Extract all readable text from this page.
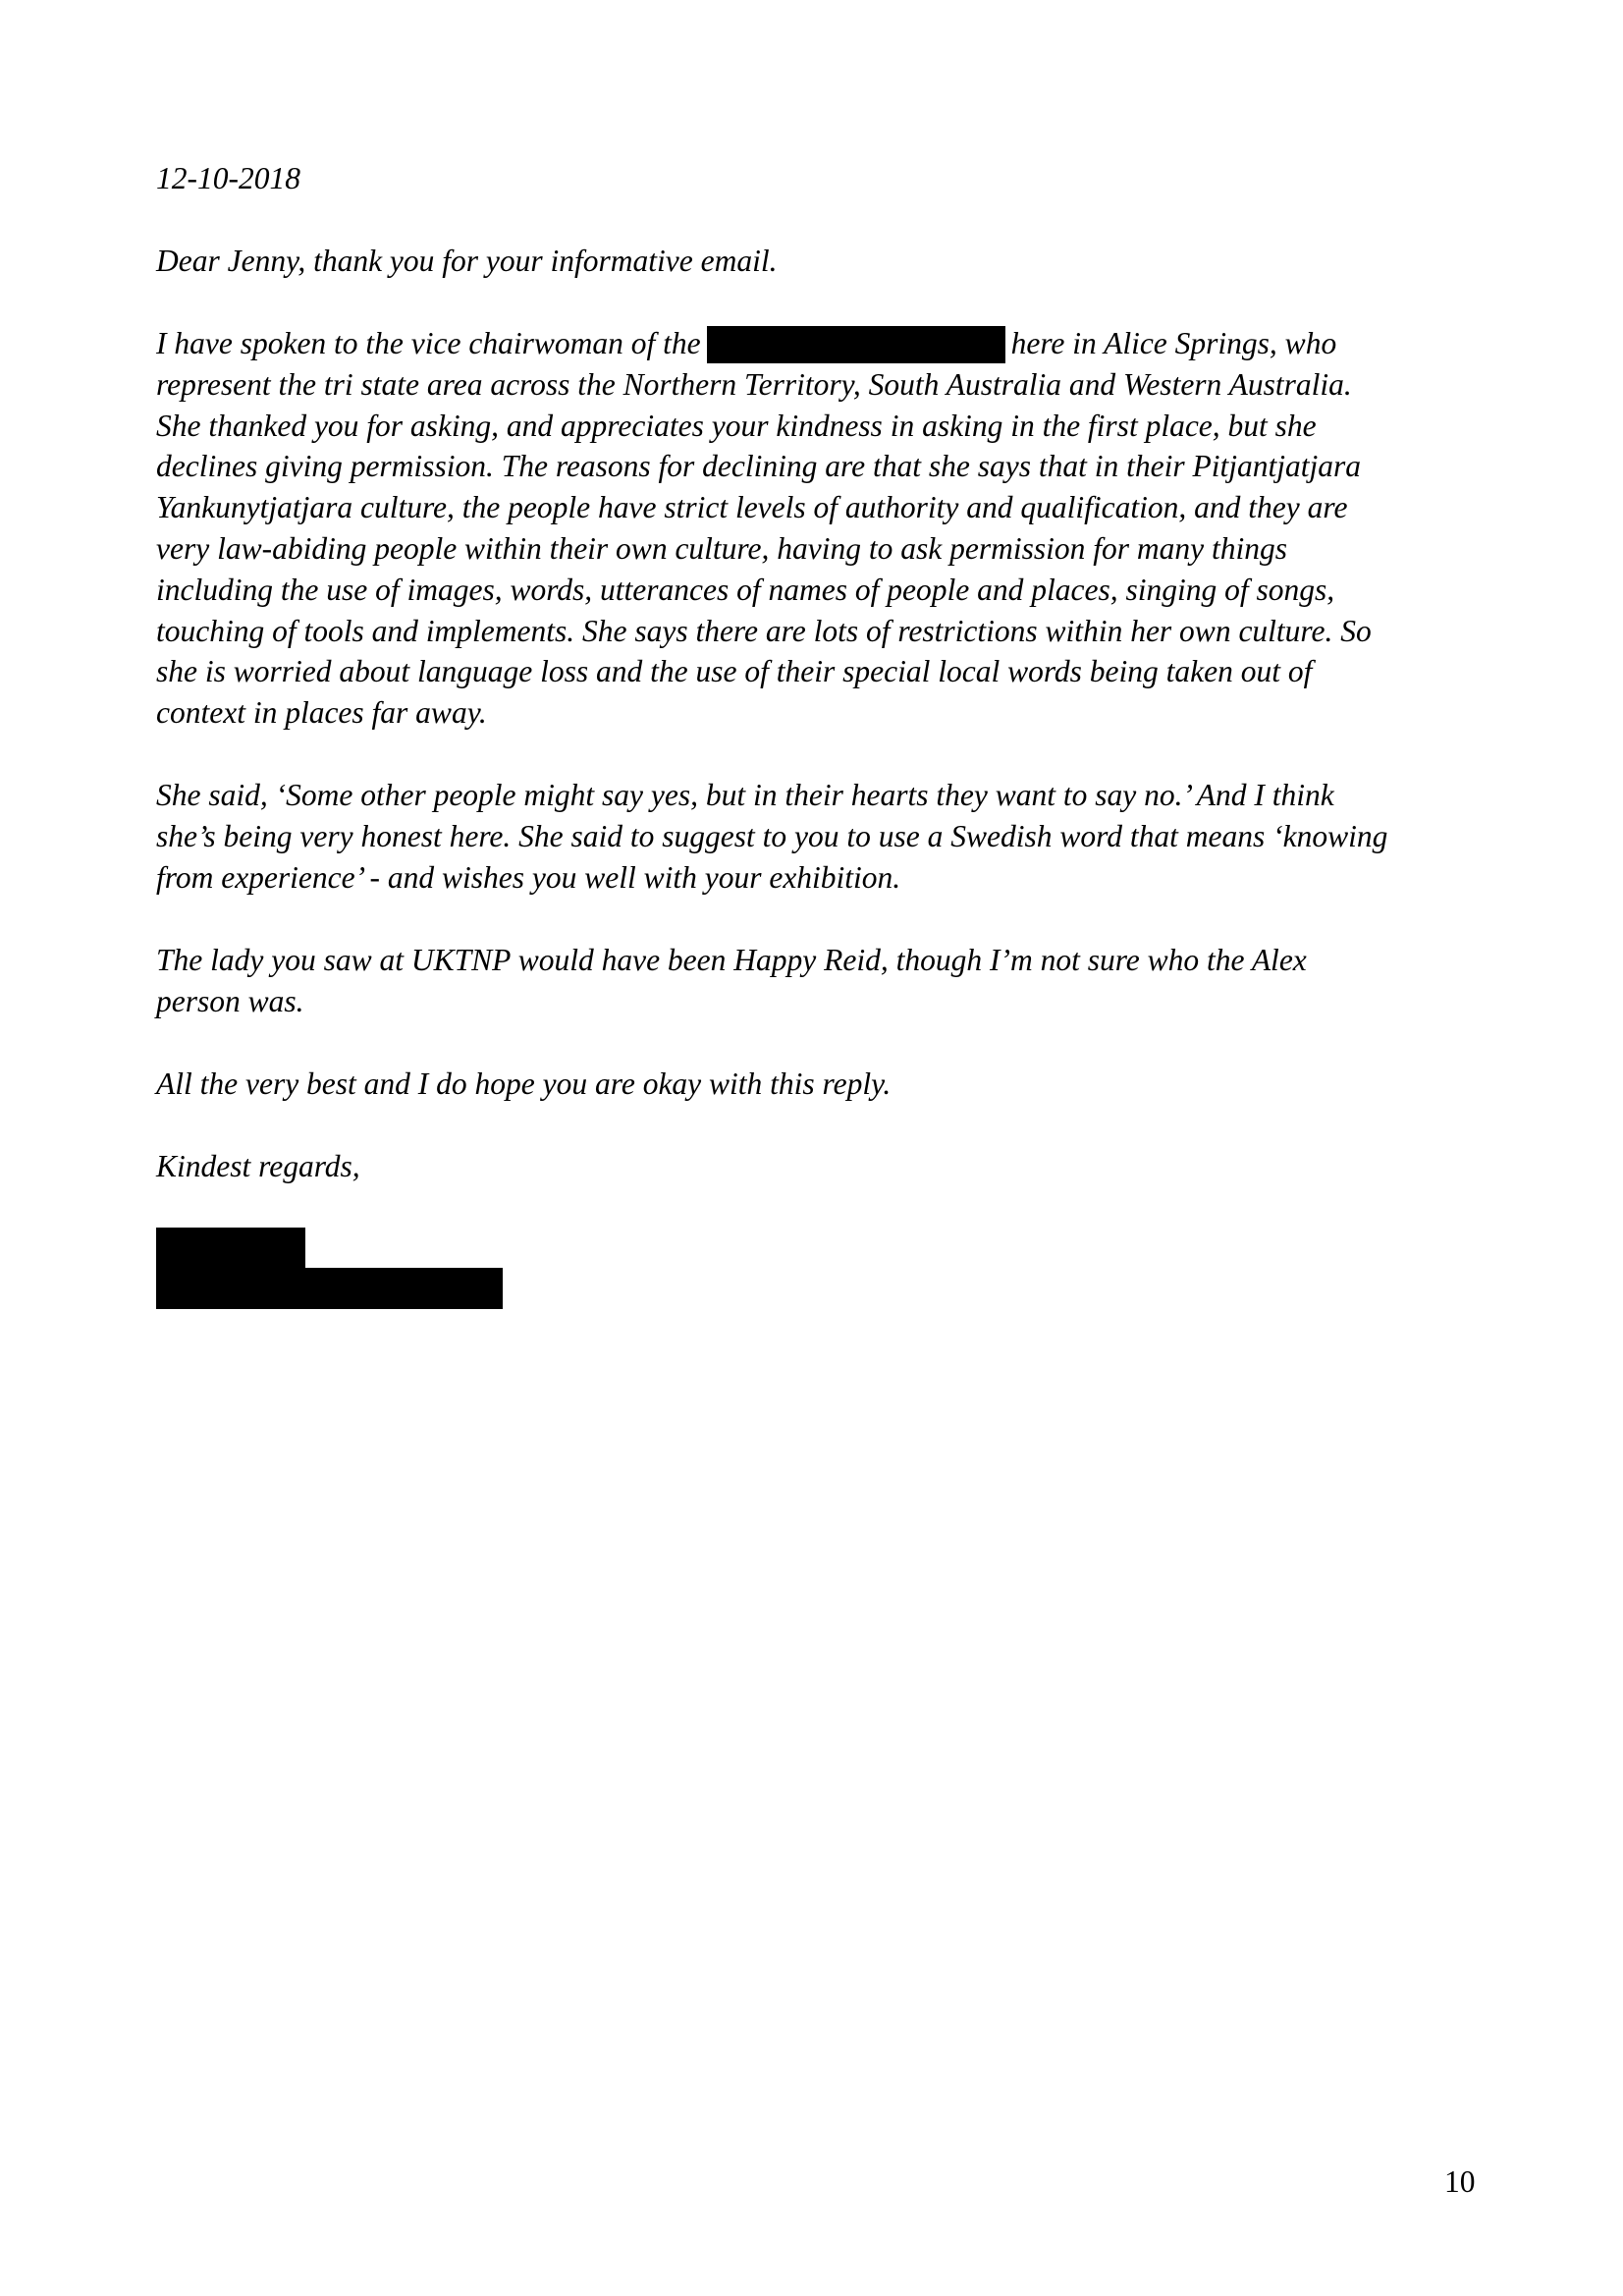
12-10-2018

Dear Jenny, thank you for your informative email.

I have spoken to the vice chairwoman of the	here in Alice Springs, who
represent the tri state area across the Northern Territory, South Australia and Western Australia.
She thanked you for asking, and appreciates your kindness in asking in the first place, but she
declines giving permission. The reasons for declining are that she says that in their Pitjantjatjara
Yankunytjatjara culture, the people have strict levels of authority and qualification, and they are
very law-abiding people within their own culture, having to ask permission for many things
including the use of images, words, utterances of names of people and places, singing of songs,
touching of tools and implements. She says there are lots of restrictions within her own culture. So
she is worried about language loss and the use of their special local words being taken out of
context in places far away.
She said, ‘Some other people might say yes, but in their hearts they want to say no.’ And I think
she’s being very honest here. She said to suggest to you to use a Swedish word that means ‘knowing
from experience’ - and wishes you well with your exhibition.
The lady you saw at UKTNP would have been Happy Reid, though I’m not sure who the Alex
person was.

All the very best and I do hope you are okay with this reply.

Kindest regards,

10
